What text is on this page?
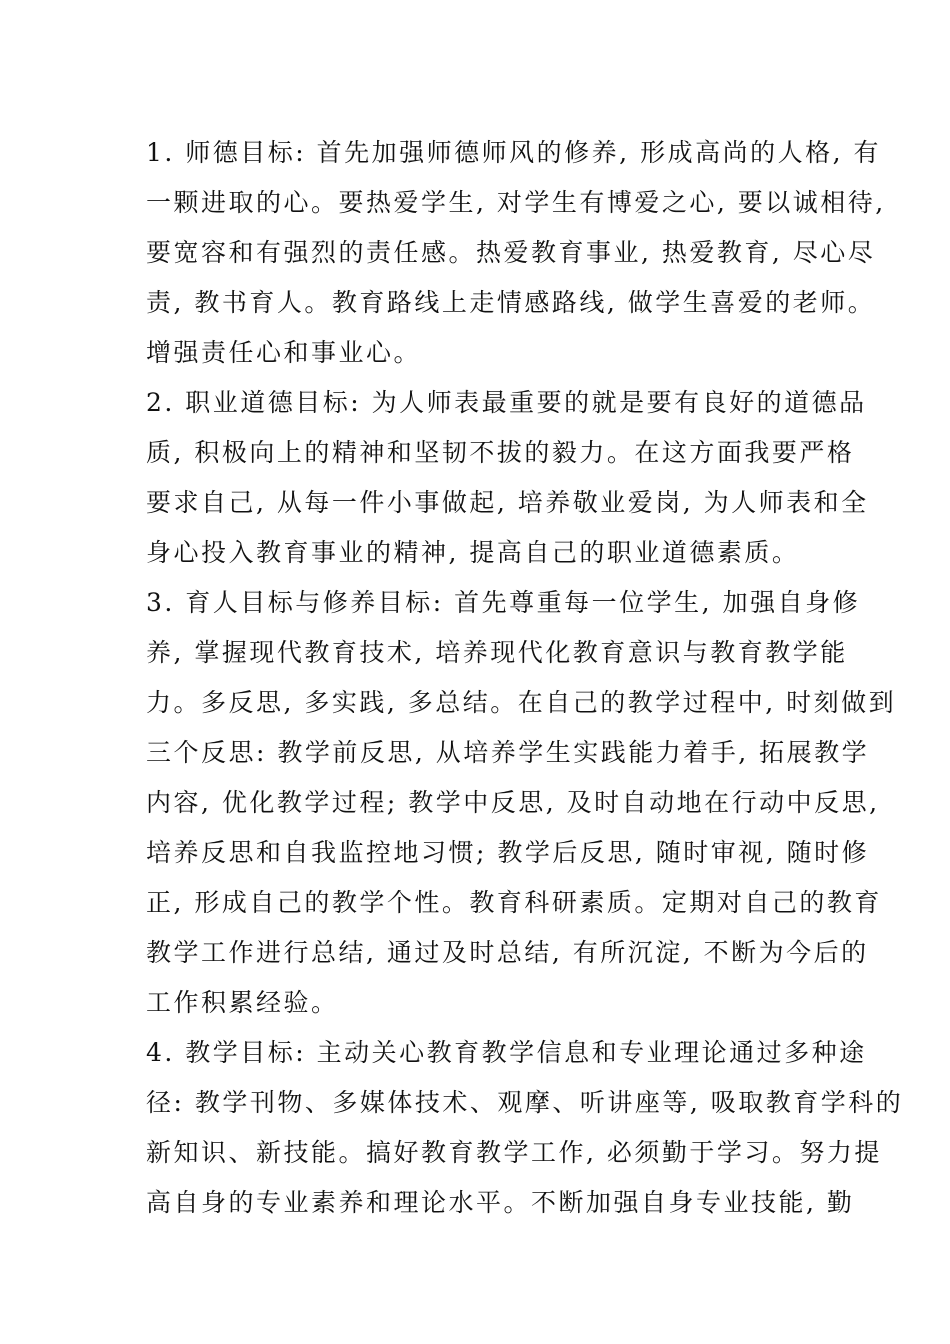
1. 师德目标: 首先加强师德师风的修养, 形成高尚的人格, 有
一颗进取的心。要热爱学生, 对学生有博爱之心, 要以诚相待,
要宽容和有强烈的责任感。热爱教育事业, 热爱教育, 尽心尽
责, 教书育人。教育路线上走情感路线, 做学生喜爱的老师。
增强责任心和事业心。
2. 职业道德目标: 为人师表最重要的就是要有良好的道德品
质, 积极向上的精神和坚韧不拔的毅力。在这方面我要严格
要求自己, 从每一件小事做起, 培养敬业爱岗, 为人师表和全
身心投入教育事业的精神, 提高自己的职业道德素质。
3. 育人目标与修养目标: 首先尊重每一位学生, 加强自身修
养, 掌握现代教育技术, 培养现代化教育意识与教育教学能
力。多反思, 多实践, 多总结。在自己的教学过程中, 时刻做到
三个反思: 教学前反思, 从培养学生实践能力着手, 拓展教学
内容, 优化教学过程; 教学中反思, 及时自动地在行动中反思,
培养反思和自我监控地习惯; 教学后反思, 随时审视, 随时修
正, 形成自己的教学个性。教育科研素质。定期对自己的教育
教学工作进行总结, 通过及时总结, 有所沉淀, 不断为今后的
工作积累经验。
4. 教学目标: 主动关心教育教学信息和专业理论通过多种途
径: 教学刊物、多媒体技术、观摩、听讲座等, 吸取教育学科的
新知识、新技能。搞好教育教学工作, 必须勤于学习。努力提
高自身的专业素养和理论水平。不断加强自身专业技能, 勤
